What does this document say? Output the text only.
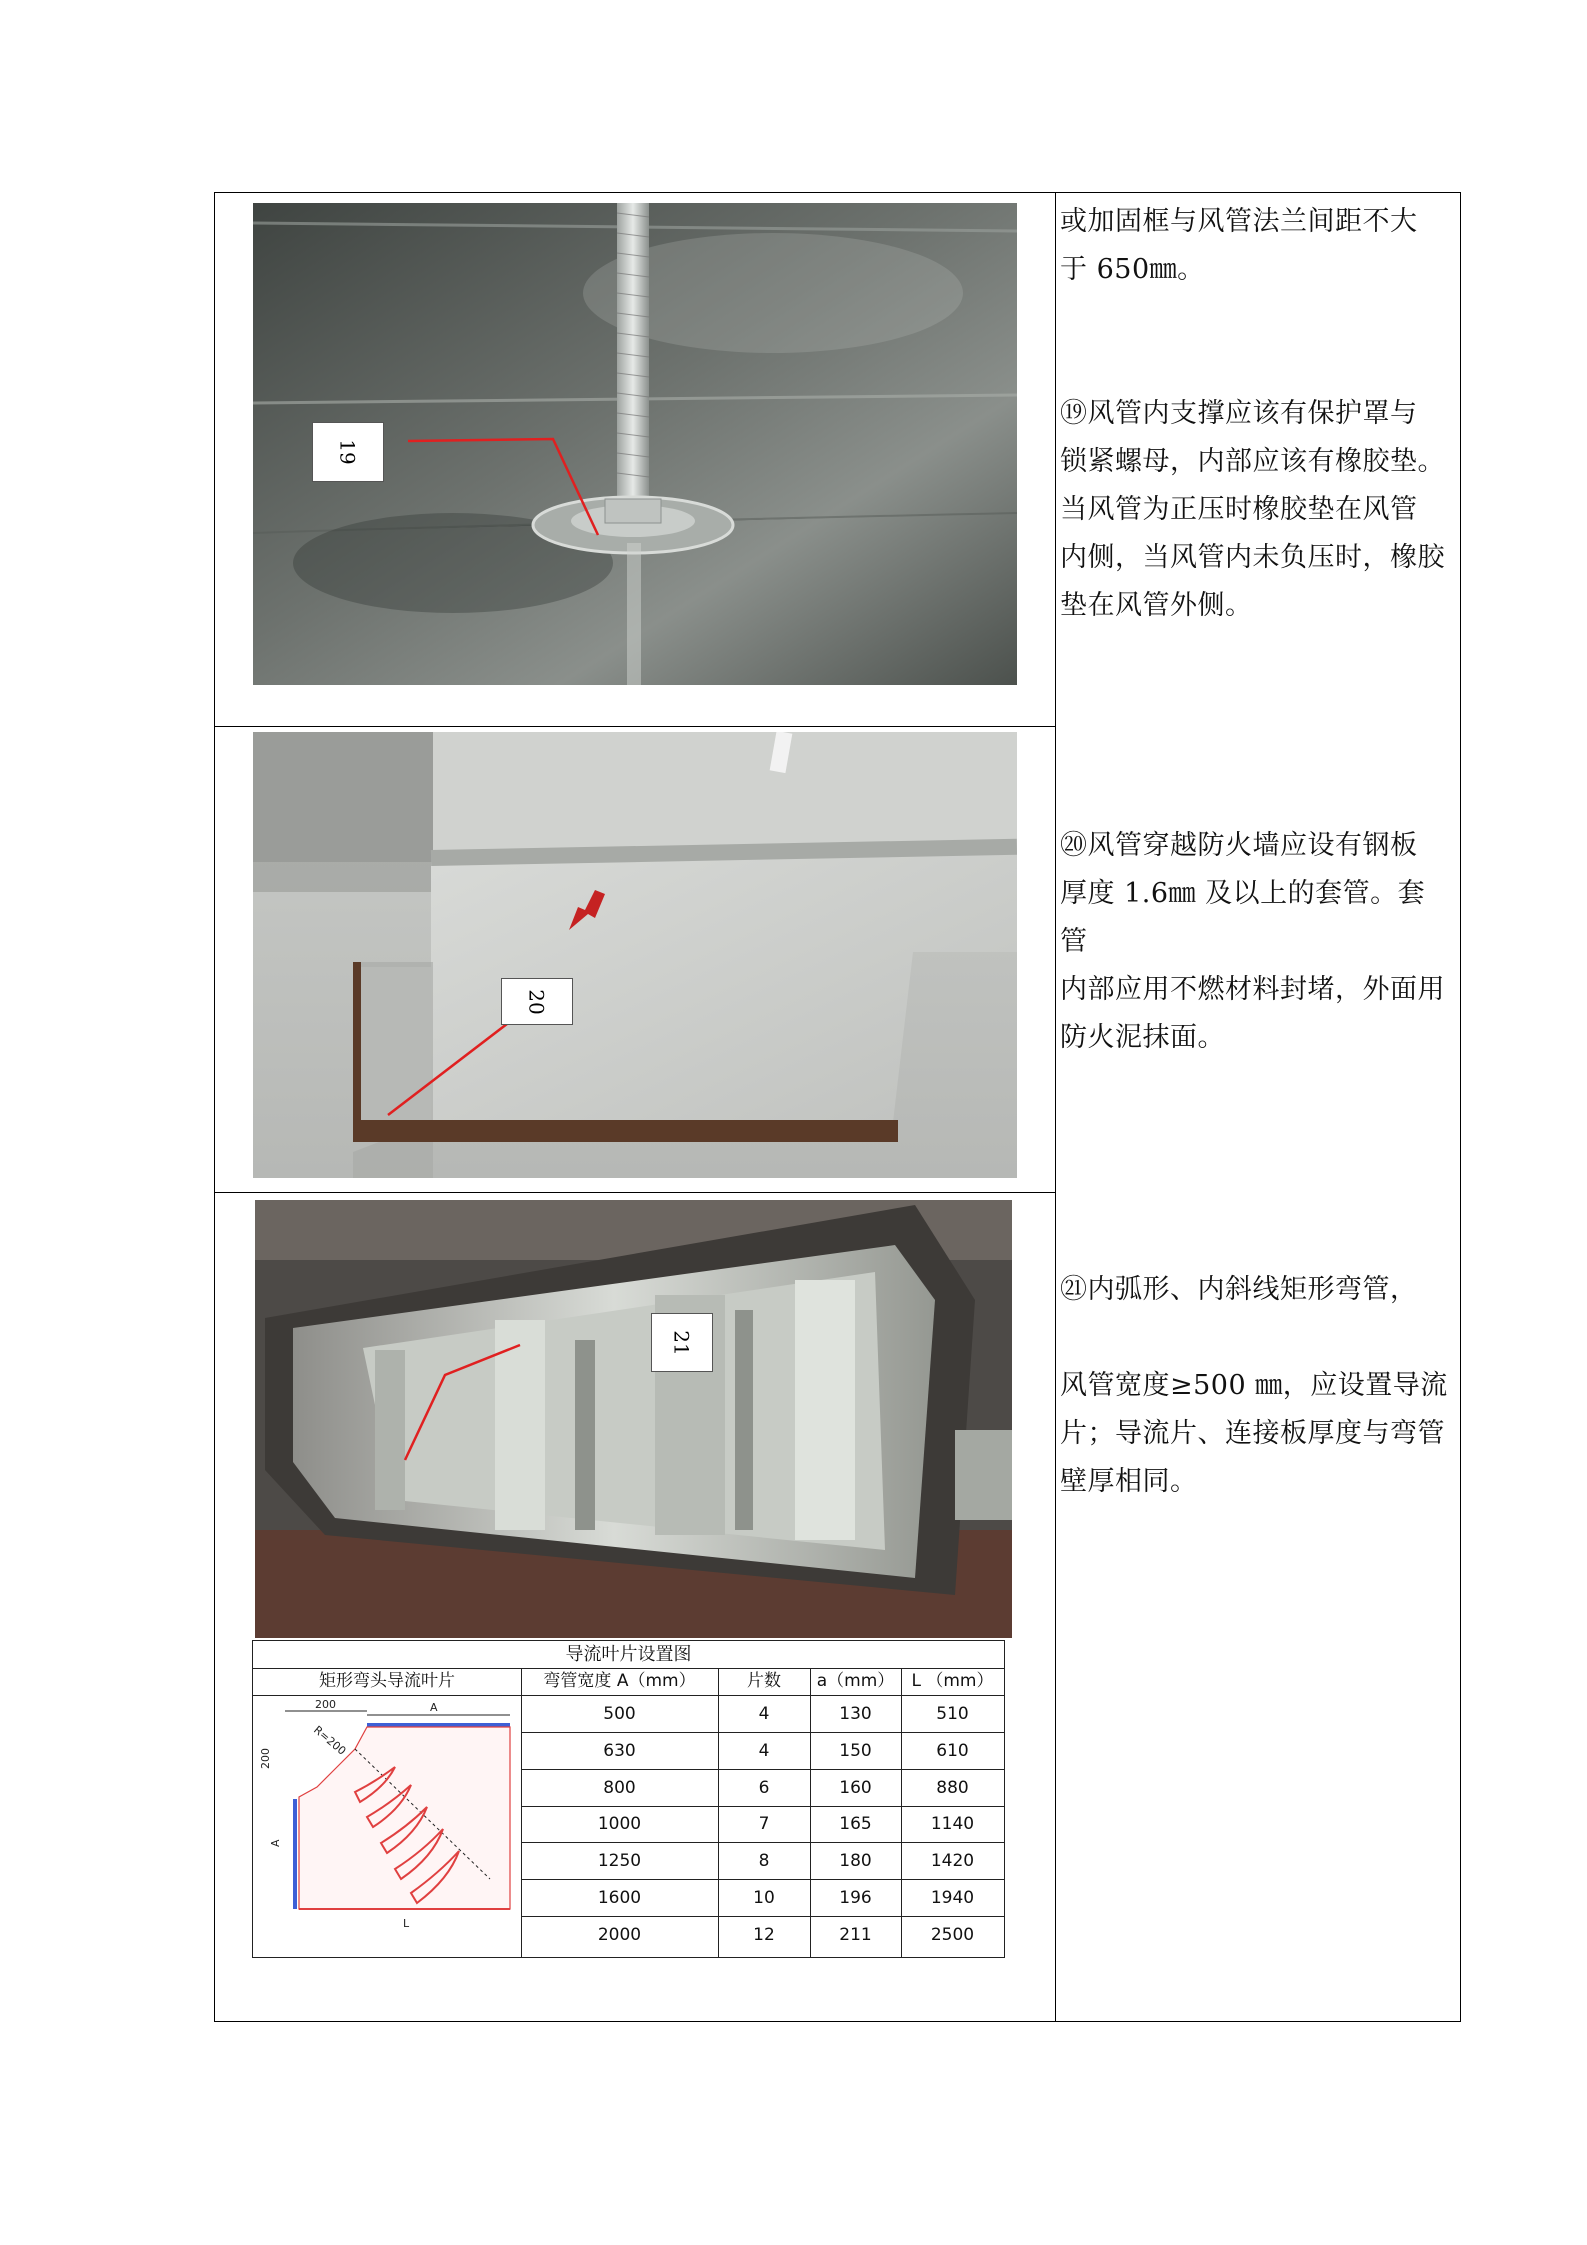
19
20
21

或加固框与风管法兰间距不大

于 650㎜。

⑲风管内支撑应该有保护罩与

锁紧螺母，内部应该有橡胶垫。

当风管为正压时橡胶垫在风管

内侧，当风管内未负压时，橡胶

垫在风管外侧。

⑳风管穿越防火墙应设有钢板

厚度 1.6㎜ 及以上的套管。套管

内部应用不燃材料封堵，外面用

防火泥抹面。

㉑内弧形、内斜线矩形弯管，

风管宽度≥500 ㎜，应设置导流

片；导流片、连接板厚度与弯管

壁厚相同。

导流叶片设置图
矩形弯头导流叶片	弯管宽度 A（mm）	片数	a（mm）	L （mm）
500	4	130	510
630	4	150	610
800	6	160	880
1000	7	165	1140
1250	8	180	1420
1600	10	196	1940
2000	12	211	2500
200	A
200
A
L
R=200
